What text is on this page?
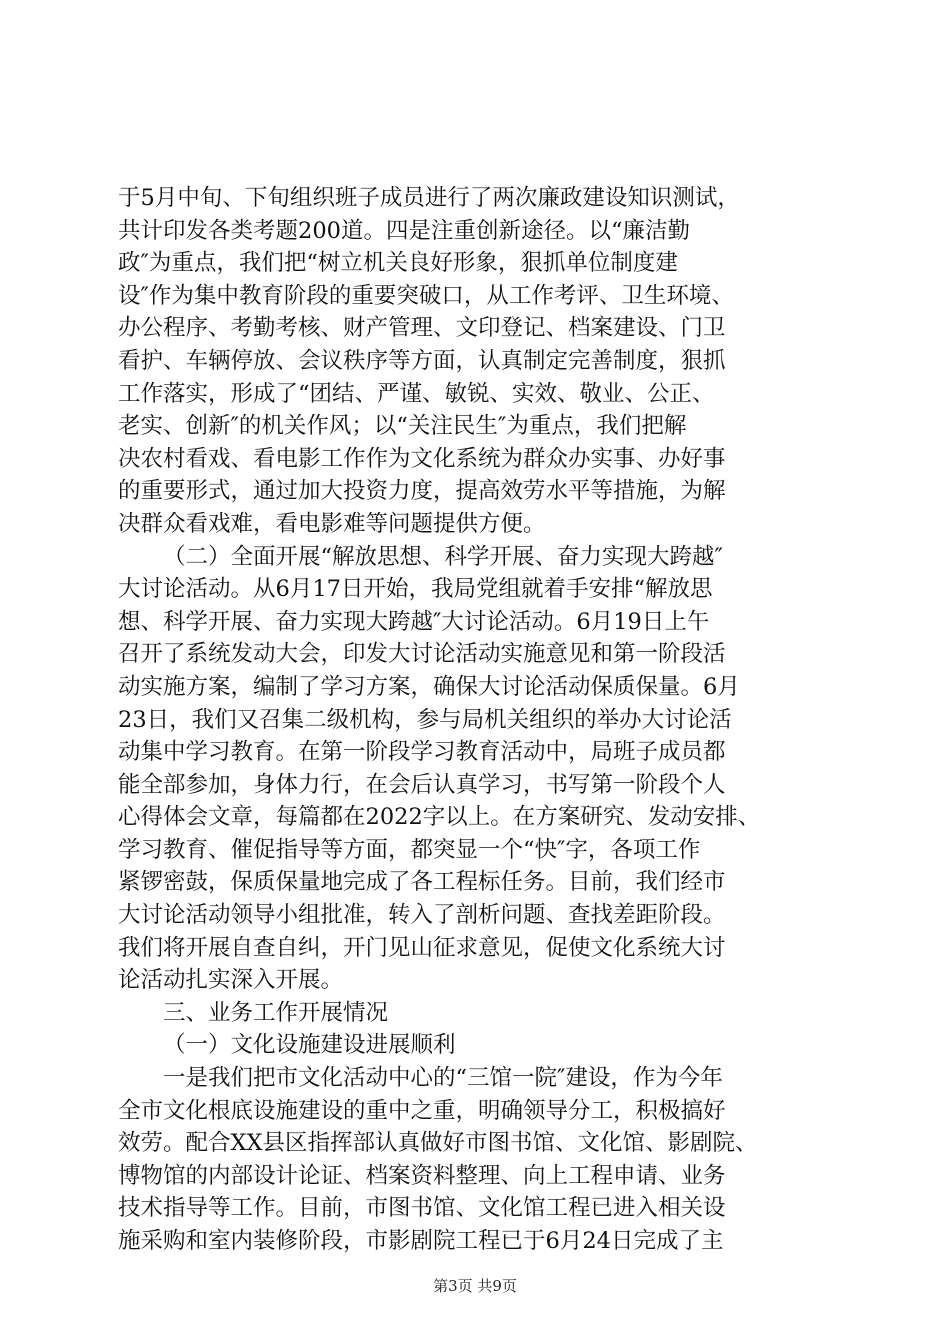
于5月中旬、下旬组织班子成员进行了两次廉政建设知识测试，
共计印发各类考题200道。四是注重创新途径。以“廉洁勤
政″为重点，我们把“树立机关良好形象，狠抓单位制度建
设″作为集中教育阶段的重要突破口，从工作考评、卫生环境、
办公程序、考勤考核、财产管理、文印登记、档案建设、门卫
看护、车辆停放、会议秩序等方面，认真制定完善制度，狠抓
工作落实，形成了“团结、严谨、敏锐、实效、敬业、公正、
老实、创新″的机关作风；以“关注民生″为重点，我们把解
决农村看戏、看电影工作作为文化系统为群众办实事、办好事
的重要形式，通过加大投资力度，提高效劳水平等措施，为解
决群众看戏难，看电影难等问题提供方便。
（二）全面开展“解放思想、科学开展、奋力实现大跨越″
大讨论活动。从6月17日开始，我局党组就着手安排“解放思
想、科学开展、奋力实现大跨越″大讨论活动。6月19日上午
召开了系统发动大会，印发大讨论活动实施意见和第一阶段活
动实施方案，编制了学习方案，确保大讨论活动保质保量。6月
23日，我们又召集二级机构，参与局机关组织的举办大讨论活
动集中学习教育。在第一阶段学习教育活动中，局班子成员都
能全部参加，身体力行，在会后认真学习，书写第一阶段个人
心得体会文章，每篇都在2022字以上。在方案研究、发动安排、
学习教育、催促指导等方面，都突显一个“快″字，各项工作
紧锣密鼓，保质保量地完成了各工程标任务。目前，我们经市
大讨论活动领导小组批准，转入了剖析问题、查找差距阶段。
我们将开展自查自纠，开门见山征求意见，促使文化系统大讨
论活动扎实深入开展。
三、业务工作开展情况
（一）文化设施建设进展顺利
一是我们把市文化活动中心的“三馆一院″建设，作为今年
全市文化根底设施建设的重中之重，明确领导分工，积极搞好
效劳。配合XX县区指挥部认真做好市图书馆、文化馆、影剧院、
博物馆的内部设计论证、档案资料整理、向上工程申请、业务
技术指导等工作。目前，市图书馆、文化馆工程已进入相关设
施采购和室内装修阶段，市影剧院工程已于6月24日完成了主
第3页 共9页
